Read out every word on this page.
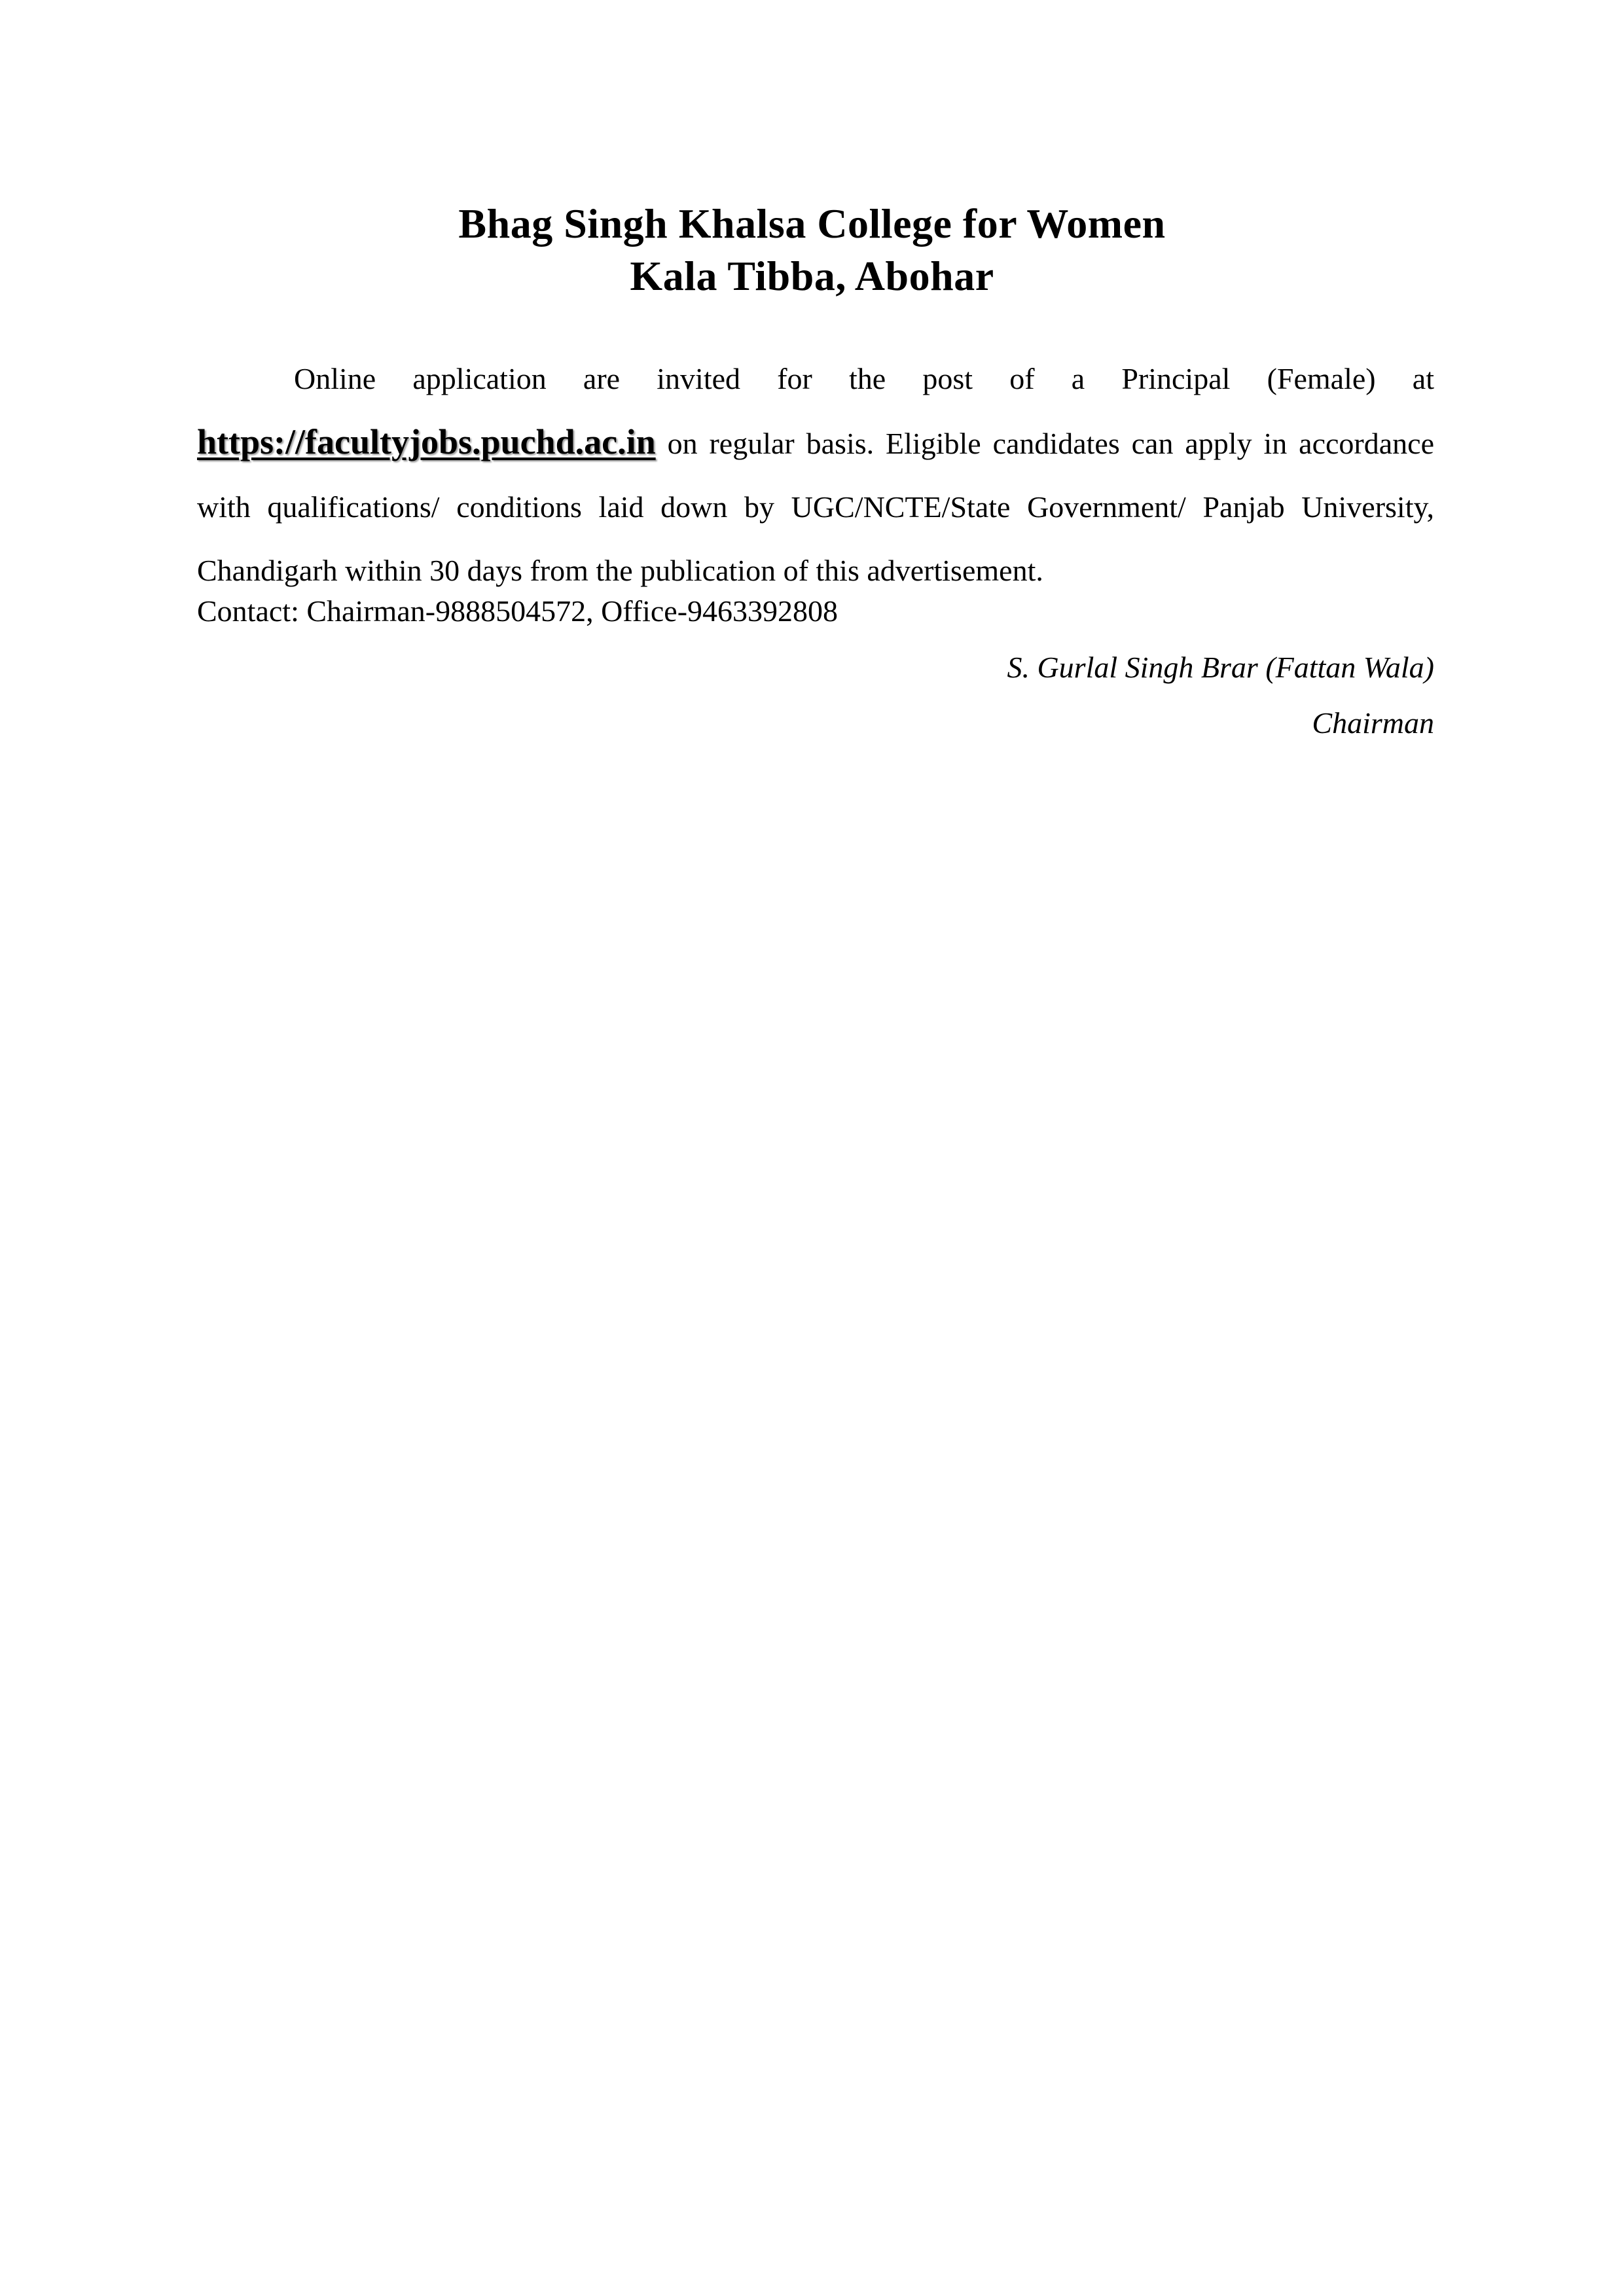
Bhag Singh Khalsa College for Women
Kala Tibba, Abohar
Online application are invited for the post of a Principal (Female) at https://facultyjobs.puchd.ac.in on regular basis. Eligible candidates can apply in accordance with qualifications/ conditions laid down by UGC/NCTE/State Government/ Panjab University, Chandigarh within 30 days from the publication of this advertisement.
Contact: Chairman-9888504572, Office-9463392808
S. Gurlal Singh Brar (Fattan Wala)
Chairman
